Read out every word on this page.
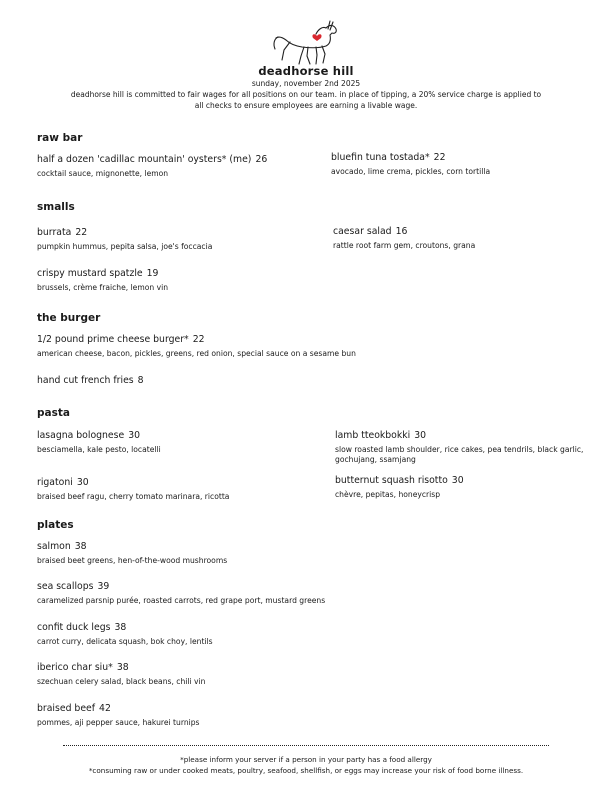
deadhorse hill
sunday, november 2nd 2025
deadhorse hill is committed to fair wages for all positions on our team. in place of tipping, a 20% service charge is applied to
all checks to ensure employees are earning a livable wage.
raw bar
half a dozen 'cadillac mountain' oysters* (me) 26
cocktail sauce, mignonette, lemon
bluefin tuna tostada* 22
avocado, lime crema, pickles, corn tortilla
smalls
burrata 22
pumpkin hummus, pepita salsa, joe's foccacia
caesar salad 16
rattle root farm gem, croutons, grana
crispy mustard spatzle 19
brussels, crème fraiche, lemon vin
the burger
1/2 pound prime cheese burger* 22
american cheese, bacon, pickles, greens, red onion, special sauce on a sesame bun
hand cut french fries 8
pasta
lasagna bolognese 30
besciamella, kale pesto, locatelli
lamb tteokbokki 30
slow roasted lamb shoulder, rice cakes, pea tendrils, black garlic, gochujang, ssamjang
rigatoni 30
braised beef ragu, cherry tomato marinara, ricotta
butternut squash risotto 30
chèvre, pepitas, honeycrisp
plates
salmon 38
braised beet greens, hen-of-the-wood mushrooms
sea scallops 39
caramelized parsnip purée, roasted carrots, red grape port, mustard greens
confit duck legs 38
carrot curry, delicata squash, bok choy, lentils
iberico char siu* 38
szechuan celery salad, black beans, chili vin
braised beef 42
pommes, aji pepper sauce, hakurei turnips
*please inform your server if a person in your party has a food allergy
*consuming raw or under cooked meats, poultry, seafood, shellfish, or eggs may increase your risk of food borne illness.
